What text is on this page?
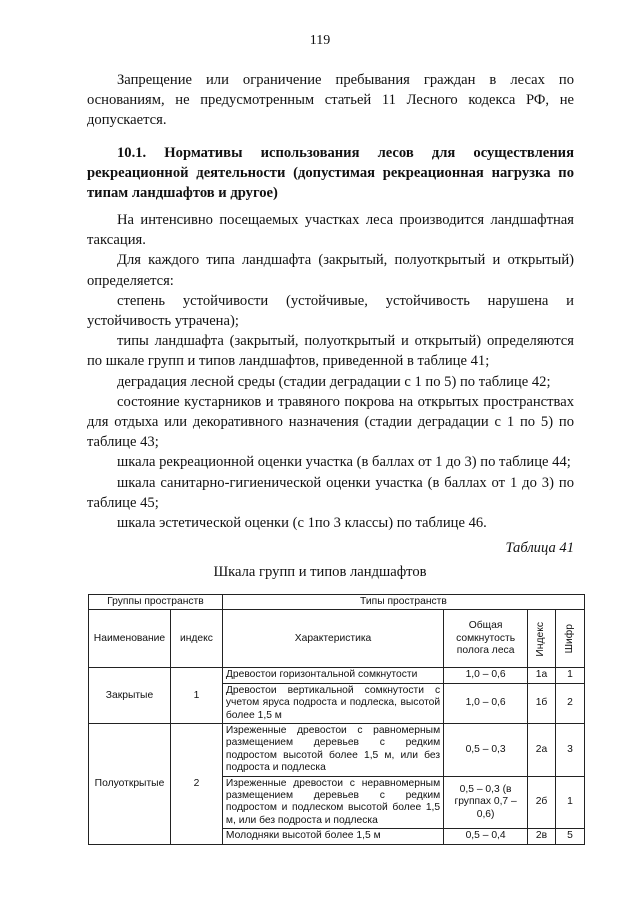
119
Запрещение или ограничение пребывания граждан в лесах по основаниям, не предусмотренным статьей 11 Лесного кодекса РФ, не допускается.
10.1. Нормативы использования лесов для осуществления рекреационной деятельности (допустимая рекреационная нагрузка по типам ландшафтов и другое)

На интенсивно посещаемых участках леса производится ландшафтная таксация.

Для каждого типа ландшафта (закрытый, полуоткрытый и открытый) определяется:

степень устойчивости (устойчивые, устойчивость нарушена и устойчивость утрачена);

типы ландшафта (закрытый, полуоткрытый и открытый) определяются по шкале групп и типов ландшафтов, приведенной в таблице 41;

деградация лесной среды (стадии деградации с 1 по 5) по таблице 42;

состояние кустарников и травяного покрова на открытых пространствах для отдыха или декоративного назначения (стадии деградации с 1 по 5) по таблице 43;

шкала рекреационной оценки участка (в баллах от 1 до 3) по таблице 44;

шкала санитарно-гигиенической оценки участка (в баллах от 1 до 3) по таблице 45;

шкала эстетической оценки (с 1по 3 классы) по таблице 46.

Таблица 41
Шкала групп и типов ландшафтов
Группы пространств		Типы пространств			
Наименование	индекс	Характеристика	Общая сомкнутость полога леса	Индекс	Шифр

Закрытые	1	Древостои горизонтальной сомкнутости	1,0 – 0,6	1а	1
		Древостои вертикальной сомкнутости с учетом яруса подроста и подлеска, высотой более 1,5 м	1,0 – 0,6	1б	2
Полуоткрытые	2	Изреженные древостои с равномерным размещением деревьев с редким подростом высотой более 1,5 м, или без подроста и подлеска	0,5 – 0,3	2а	3
		Изреженные древостои с неравномерным размещением деревьев с редким подростом и подлеском высотой более 1,5 м, или без подроста и подлеска	0,5 – 0,3 (в группах 0,7 – 0,6)	2б	1
		Молодняки высотой более 1,5 м	0,5 – 0,4	2в	5
